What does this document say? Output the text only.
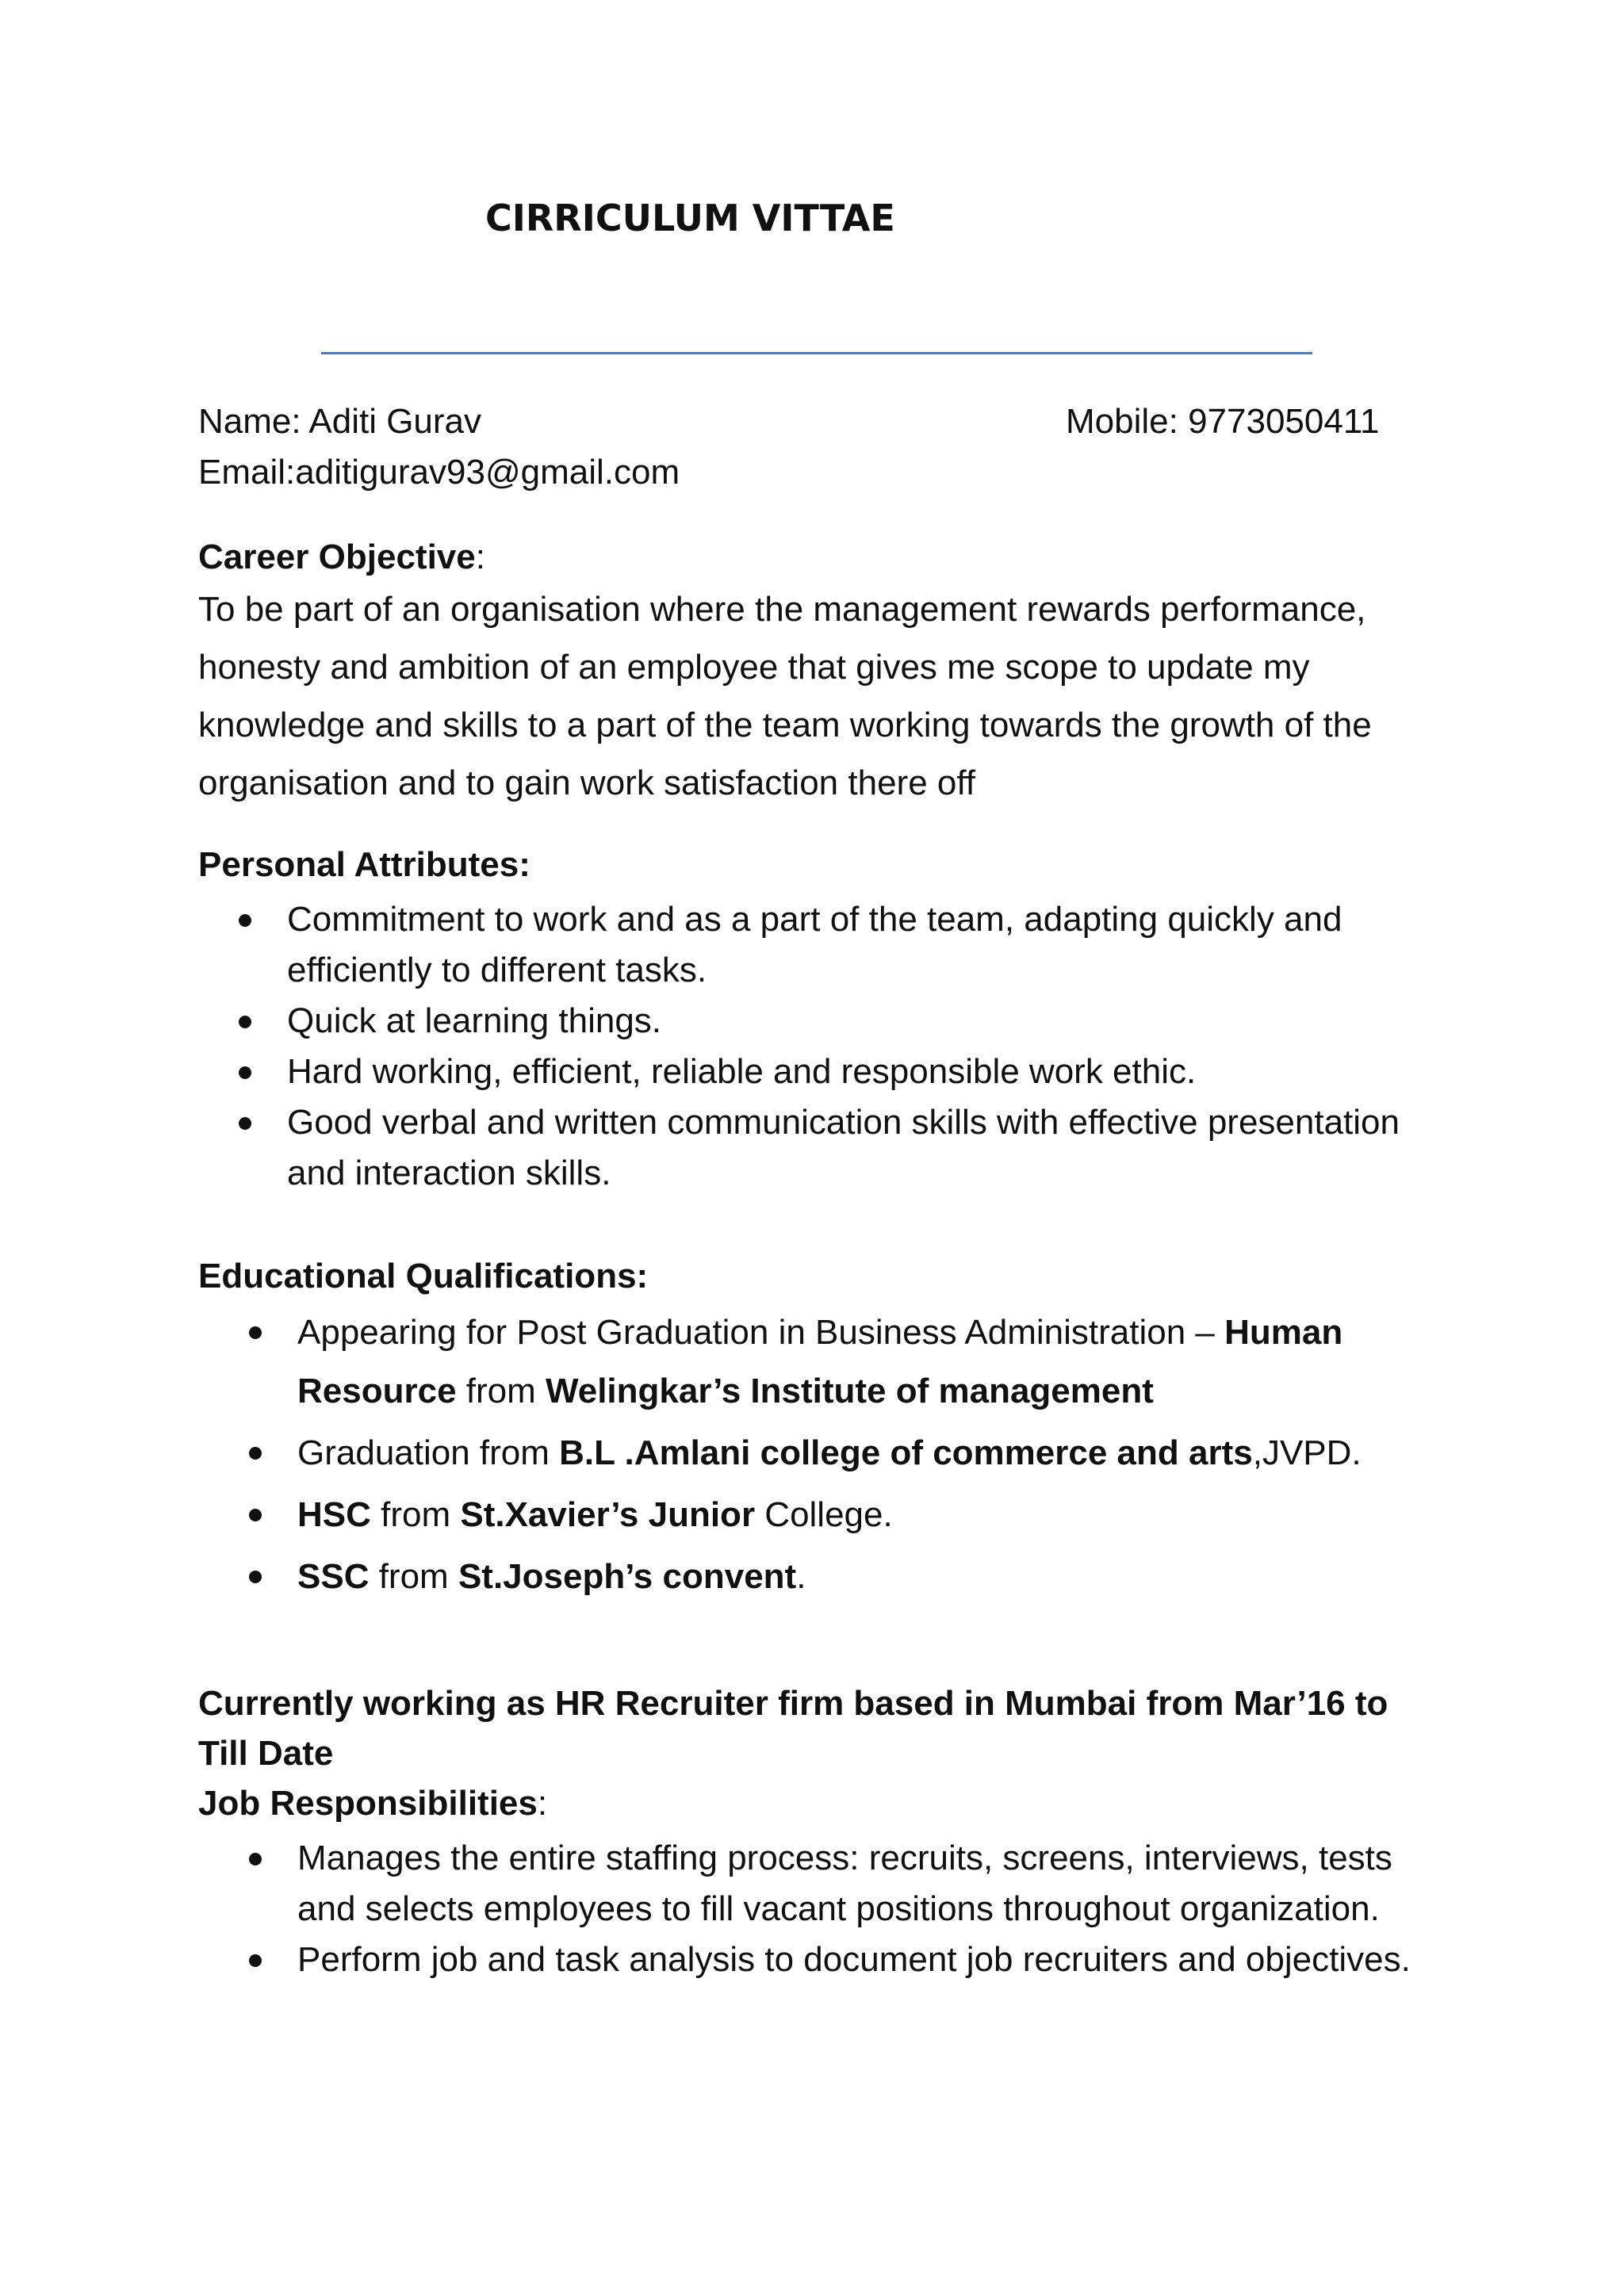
CIRRICULUM VITTAE
Name: Aditi Gurav	Mobile: 9773050411
Email:aditigurav93@gmail.com
Career Objective:
To be part of an organisation where the management rewards performance, honesty and ambition of an employee that gives me scope to update my knowledge and skills to a part of the team working towards the growth of the organisation and to gain work satisfaction there off
Personal Attributes:
Commitment to work and as a part of the team, adapting quickly and efficiently to different tasks.
Quick at learning things.
Hard working, efficient, reliable and responsible work ethic.
Good verbal and written communication skills with effective presentation and interaction skills.
Educational Qualifications:
Appearing for Post Graduation in Business Administration – Human Resource from Welingkar’s Institute of management
Graduation from B.L .Amlani college of commerce and arts,JVPD.
HSC from St.Xavier’s Junior College.
SSC from St.Joseph’s convent.
Currently working as HR Recruiter firm based in Mumbai from Mar’16 to
Till Date
Job Responsibilities:
Manages the entire staffing process: recruits, screens, interviews, tests and selects employees to fill vacant positions throughout organization.
Perform job and task analysis to document job recruiters and objectives.
